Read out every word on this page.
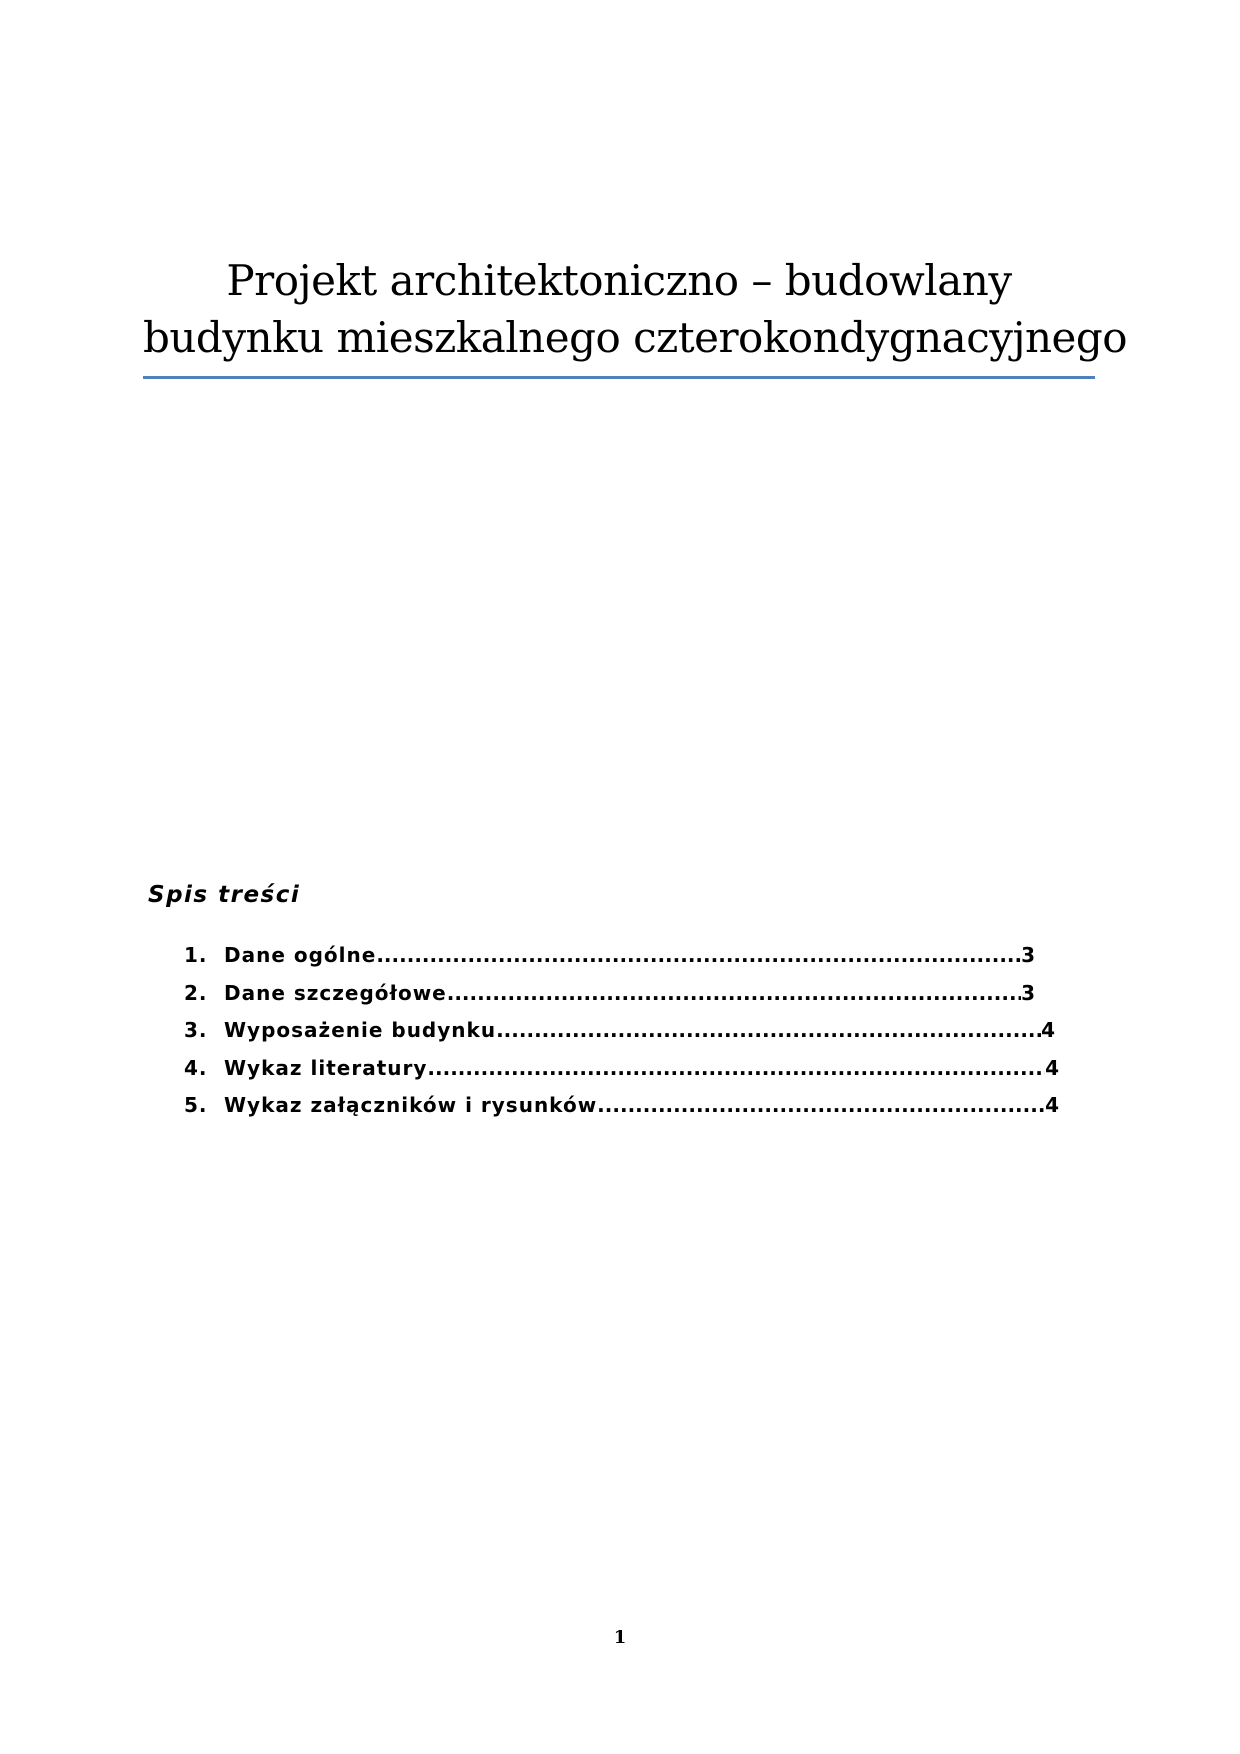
Projekt architektoniczno – budowlany
budynku mieszkalnego czterokondygnacyjnego
Spis treści
1. Dane ogólne .....	3
2. Dane szczegółowe .....	3
3. Wyposażenie budynku .....	4
4. Wykaz literatury .....	4
5. Wykaz załączników i rysunków .....	4
1
